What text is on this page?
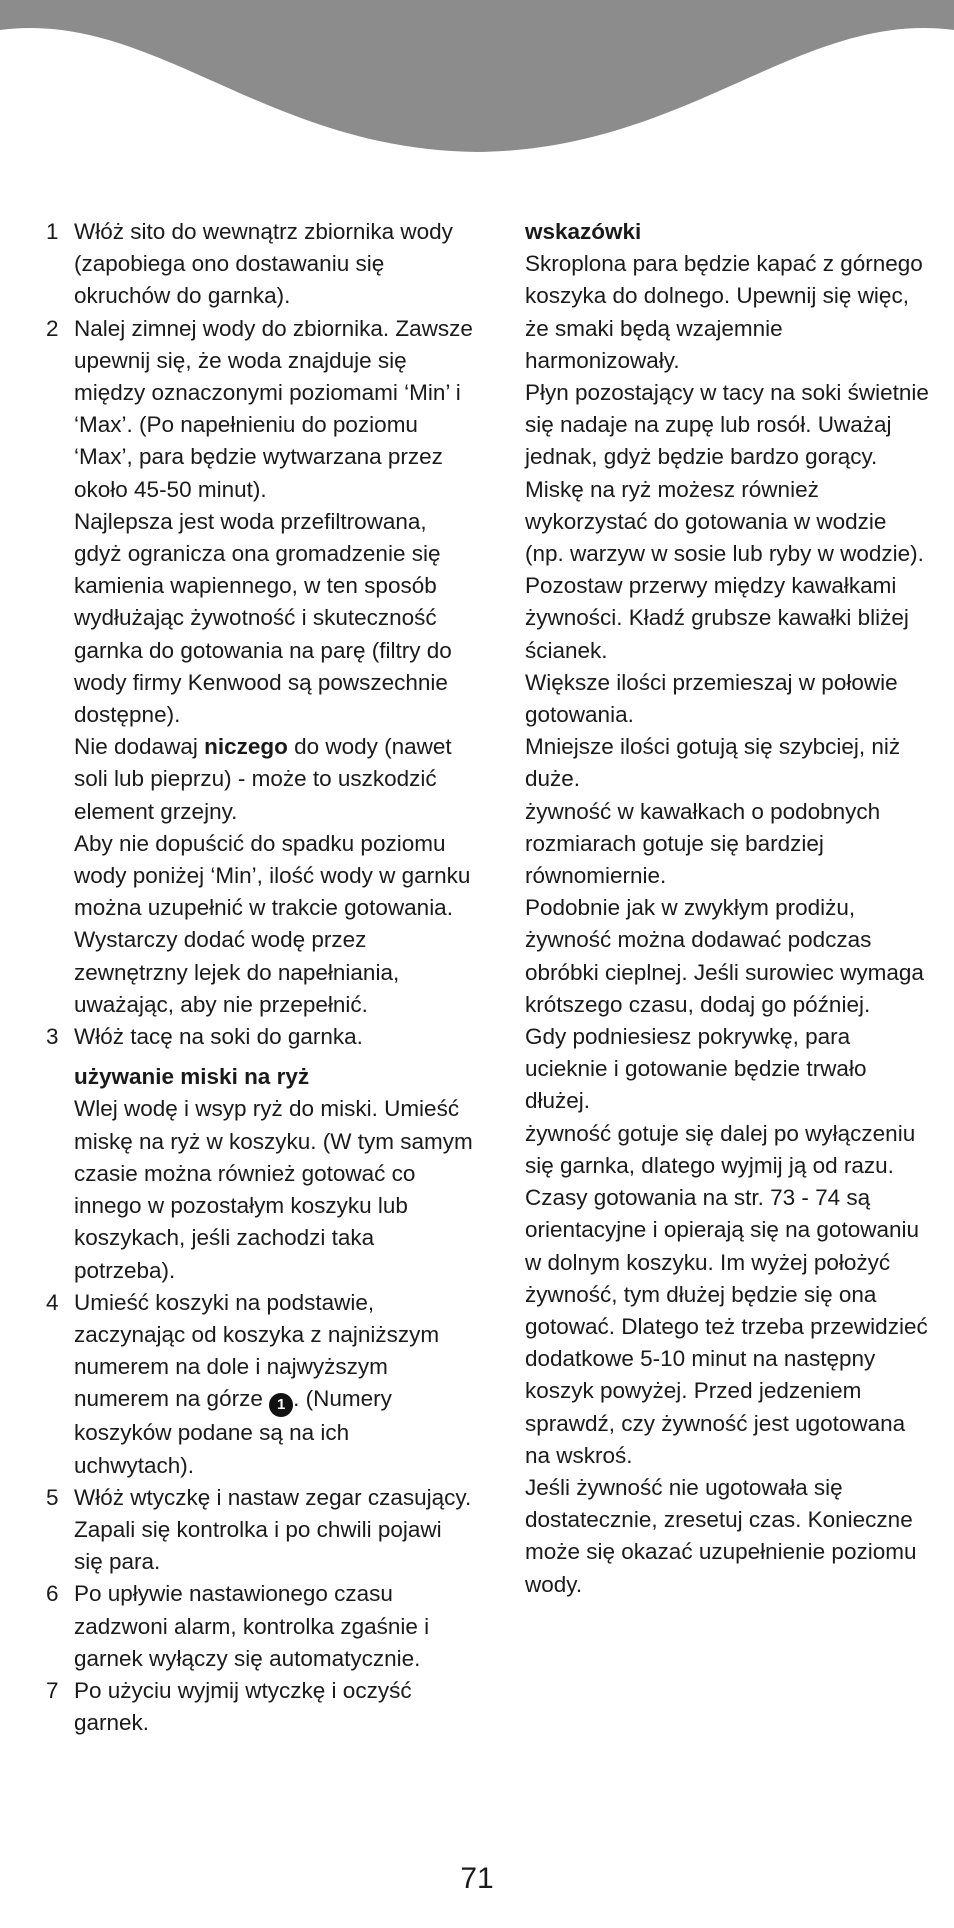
1 Włóż sito do wewnątrz zbiornika wody (zapobiega ono dostawaniu się okruchów do garnka).
2 Nalej zimnej wody do zbiornika. Zawsze upewnij się, że woda znajduje się między oznaczonymi poziomami ‘Min’ i ‘Max’. (Po napełnieniu do poziomu ‘Max’, para będzie wytwarzana przez około 45-50 minut).
Najlepsza jest woda przefiltrowana, gdyż ogranicza ona gromadzenie się kamienia wapiennego, w ten sposób wydłużając żywotność i skuteczność garnka do gotowania na parę (filtry do wody firmy Kenwood są powszechnie dostępne).
Nie dodawaj niczego do wody (nawet soli lub pieprzu) - może to uszkodzić element grzejny.
Aby nie dopuścić do spadku poziomu wody poniżej ‘Min’, ilość wody w garnku można uzupełnić w trakcie gotowania. Wystarczy dodać wodę przez zewnętrzny lejek do napełniania, uważając, aby nie przepełnić.
3 Włóż tacę na soki do garnka.
używanie miski na ryż
Wlej wodę i wsyp ryż do miski. Umieść miskę na ryż w koszyku. (W tym samym czasie można również gotować co innego w pozostałym koszyku lub koszykach, jeśli zachodzi taka potrzeba).
4 Umieść koszyki na podstawie, zaczynając od koszyka z najniższym numerem na dole i najwyższym numerem na górze 1 . (Numery koszyków podane są na ich uchwytach).
5 Włóż wtyczkę i nastaw zegar czasujący. Zapali się kontrolka i po chwili pojawi się para.
6 Po upływie nastawionego czasu zadzwoni alarm, kontrolka zgaśnie i garnek wyłączy się automatycznie.
7 Po użyciu wyjmij wtyczkę i oczyść garnek.
wskazówki
Skroplona para będzie kapać z górnego koszyka do dolnego. Upewnij się więc, że smaki będą wzajemnie harmonizowały.
Płyn pozostający w tacy na soki świetnie się nadaje na zupę lub rosół. Uważaj jednak, gdyż będzie bardzo gorący.
Miskę na ryż możesz również wykorzystać do gotowania w wodzie (np. warzyw w sosie lub ryby w wodzie).
Pozostaw przerwy między kawałkami żywności. Kładź grubsze kawałki bliżej ścianek.
Większe ilości przemieszaj w połowie gotowania.
Mniejsze ilości gotują się szybciej, niż duże.
żywność w kawałkach o podobnych rozmiarach gotuje się bardziej równomiernie.
Podobnie jak w zwykłym prodiżu, żywność można dodawać podczas obróbki cieplnej. Jeśli surowiec wymaga krótszego czasu, dodaj go później.
Gdy podniesiesz pokrywkę, para ucieknie i gotowanie będzie trwało dłużej.
żywność gotuje się dalej po wyłączeniu się garnka, dlatego wyjmij ją od razu.
Czasy gotowania na str. 73 - 74 są orientacyjne i opierają się na gotowaniu w dolnym koszyku. Im wyżej położyć żywność, tym dłużej będzie się ona gotować. Dlatego też trzeba przewidzieć dodatkowe 5-10 minut na następny koszyk powyżej. Przed jedzeniem sprawdź, czy żywność jest ugotowana na wskroś.
Jeśli żywność nie ugotowała się dostatecznie, zresetuj czas. Konieczne może się okazać uzupełnienie poziomu wody.
71
